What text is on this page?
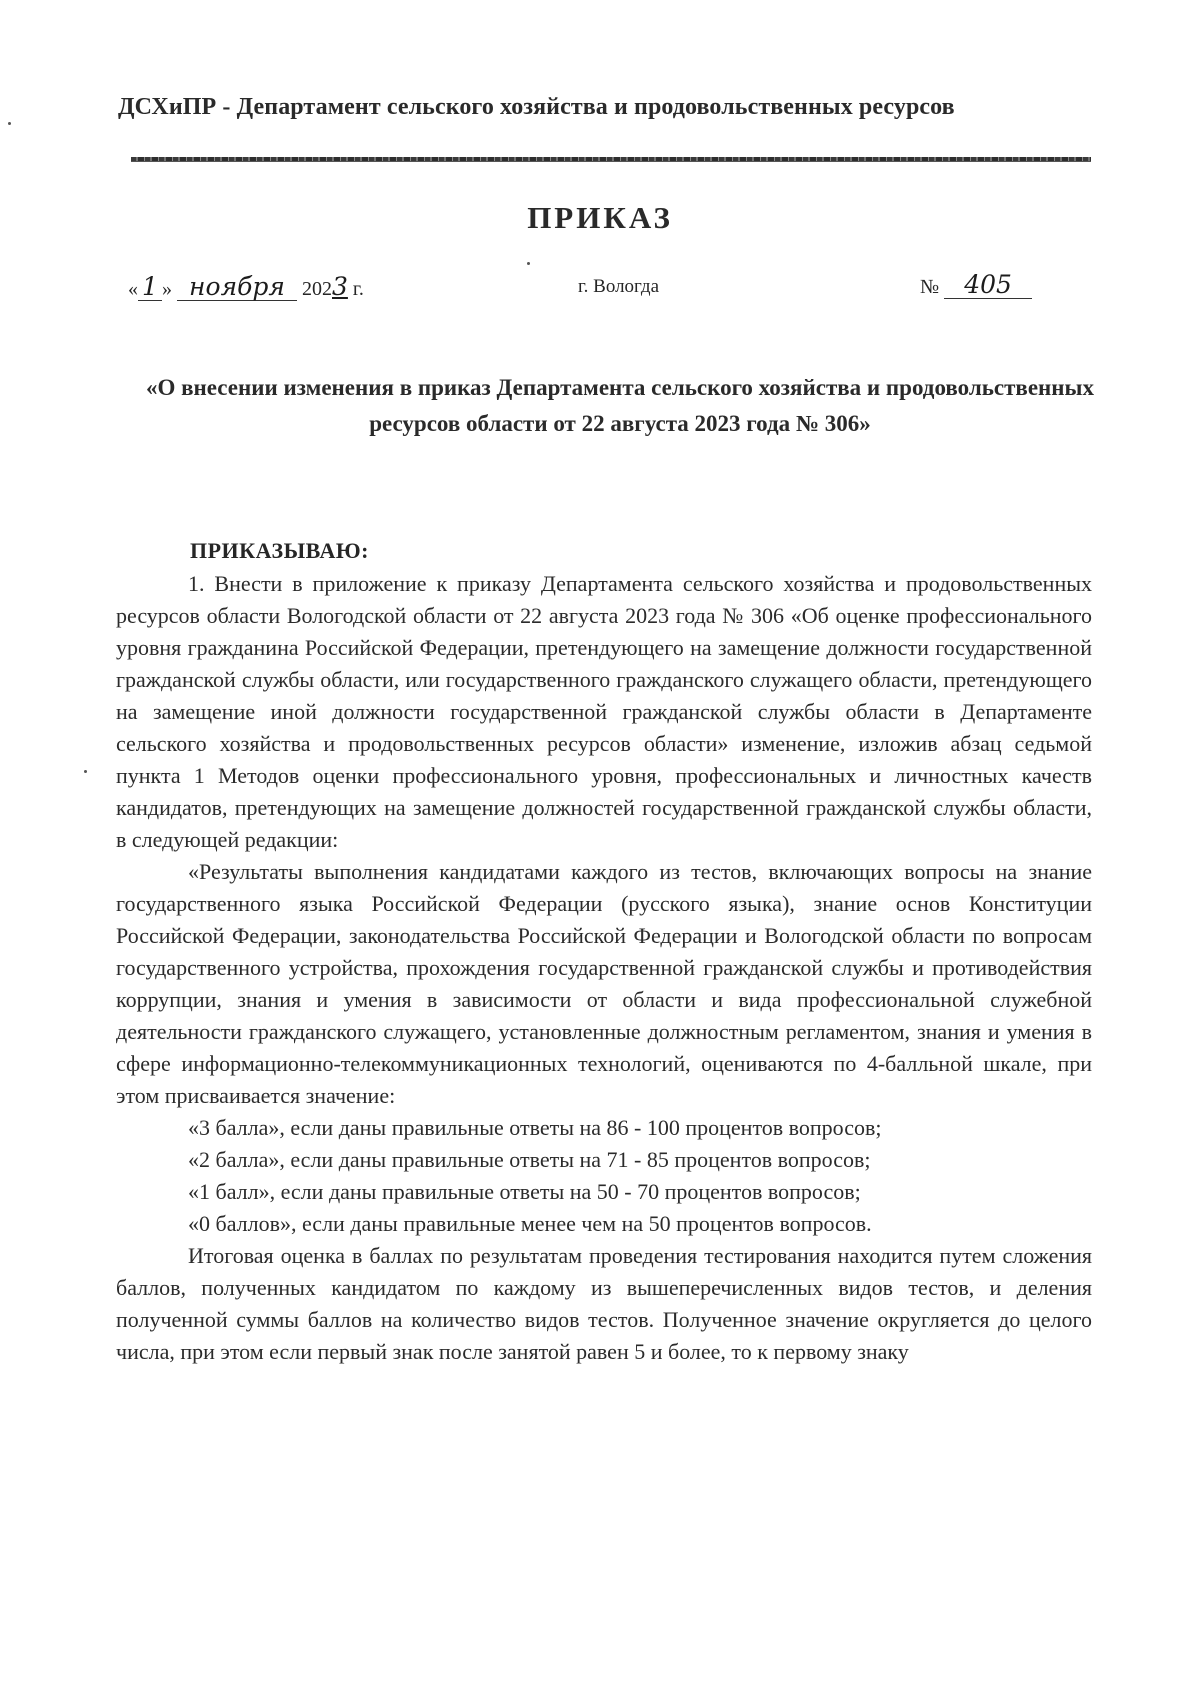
ДСХиПР - Департамент сельского хозяйства и продовольственных ресурсов
ПРИКАЗ
« 1 » ноября 2023 г.	г. Вологда	№ 405
«О внесении изменения в приказ Департамента сельского хозяйства и продовольственных ресурсов области от 22 августа 2023 года № 306»
ПРИКАЗЫВАЮ:

1. Внести в приложение к приказу Департамента сельского хозяйства и продовольственных ресурсов области Вологодской области от 22 августа 2023 года № 306 «Об оценке профессионального уровня гражданина Российской Федерации, претендующего на замещение должности государственной гражданской службы области, или государственного гражданского служащего области, претендующего на замещение иной должности государственной гражданской службы области в Департаменте сельского хозяйства и продовольственных ресурсов области» изменение, изложив абзац седьмой пункта 1 Методов оценки профессионального уровня, профессиональных и личностных качеств кандидатов, претендующих на замещение должностей государственной гражданской службы области, в следующей редакции:

«Результаты выполнения кандидатами каждого из тестов, включающих вопросы на знание государственного языка Российской Федерации (русского языка), знание основ Конституции Российской Федерации, законодательства Российской Федерации и Вологодской области по вопросам государственного устройства, прохождения государственной гражданской службы и противодействия коррупции, знания и умения в зависимости от области и вида профессиональной служебной деятельности гражданского служащего, установленные должностным регламентом, знания и умения в сфере информационно-телекоммуникационных технологий, оцениваются по 4-балльной шкале, при этом присваивается значение:

«3 балла», если даны правильные ответы на 86 - 100 процентов вопросов;

«2 балла», если даны правильные ответы на 71 - 85 процентов вопросов;

«1 балл», если даны правильные ответы на 50 - 70 процентов вопросов;

«0 баллов», если даны правильные менее чем на 50 процентов вопросов.

Итоговая оценка в баллах по результатам проведения тестирования находится путем сложения баллов, полученных кандидатом по каждому из вышеперечисленных видов тестов, и деления полученной суммы баллов на количество видов тестов. Полученное значение округляется до целого числа, при этом если первый знак после занятой равен 5 и более, то к первому знаку
